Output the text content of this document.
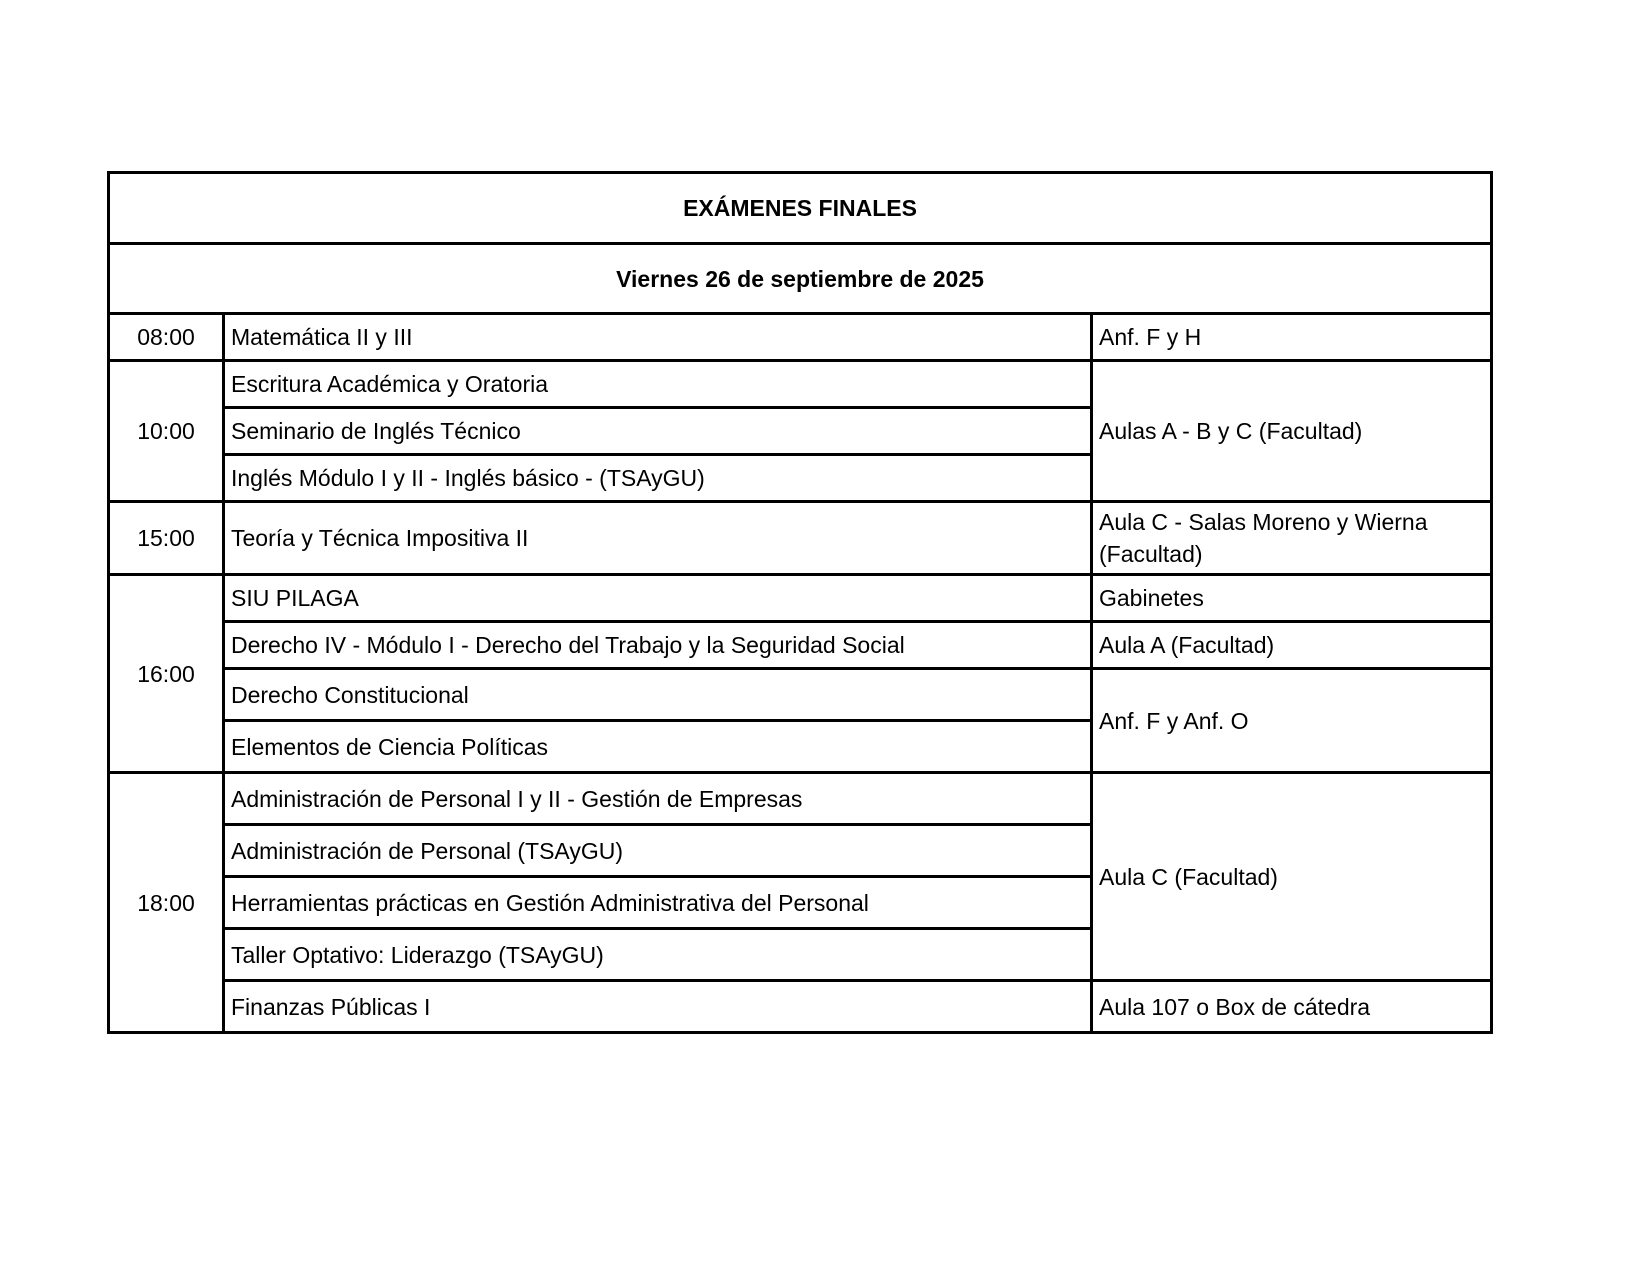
EXÁMENES FINALES		
Viernes 26 de septiembre de 2025		
08:00	Matemática II y III	Anf. F y H
10:00	Escritura Académica y Oratoria	Aulas A - B y C (Facultad)
	Seminario de Inglés Técnico	
	Inglés Módulo I y II - Inglés básico - (TSAyGU)	
15:00	Teoría y Técnica Impositiva II	Aula C - Salas Moreno y Wierna (Facultad)
16:00	SIU PILAGA	Gabinetes
	Derecho IV - Módulo I - Derecho del Trabajo y la Seguridad Social	Aula A (Facultad)
	Derecho Constitucional	Anf. F y Anf. O
	Elementos de Ciencia Políticas	
18:00	Administración de Personal I y II - Gestión de Empresas	Aula C (Facultad)
	Administración de Personal (TSAyGU)	
	Herramientas prácticas en Gestión Administrativa del Personal	
	Taller Optativo: Liderazgo (TSAyGU)	
	Finanzas Públicas I	Aula 107 o Box de cátedra
